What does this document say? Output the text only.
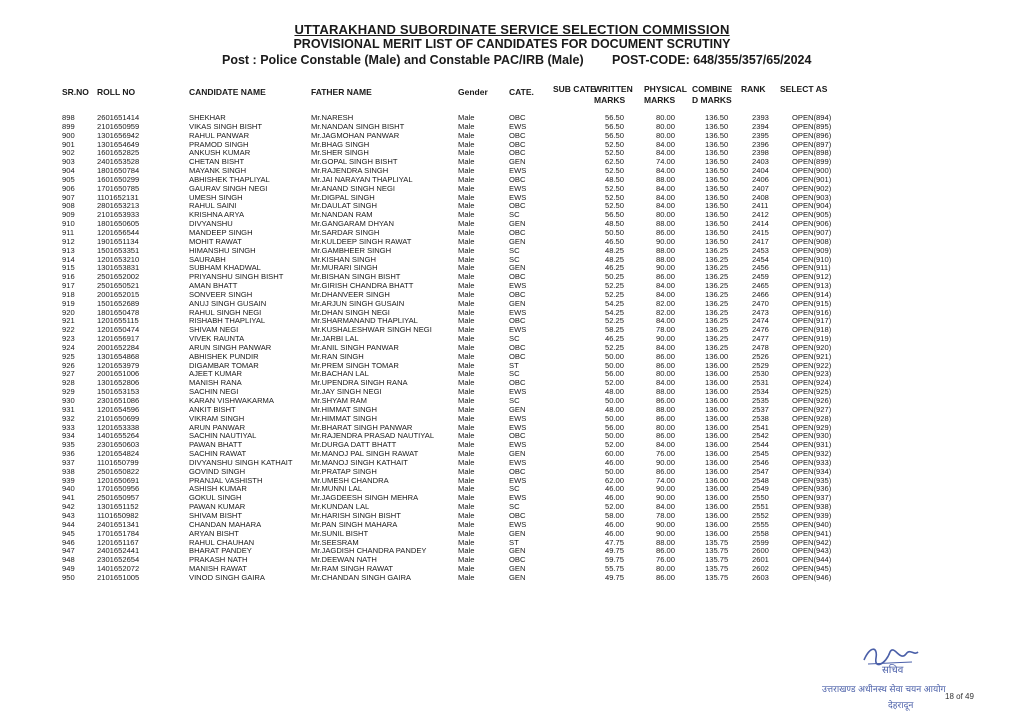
UTTARAKHAND SUBORDINATE SERVICE SELECTION COMMISSION
PROVISIONAL MERIT LIST OF CANDIDATES FOR DOCUMENT SCRUTINY
Post : Police Constable (Male) and Constable PAC/IRB (Male) POST-CODE: 648/355/357/65/2024
SR.NO ROLL NO	CANDIDATE NAME	FATHER NAME	Gender CATE. SUB CATE
WRITTEN
MARKS
PHYSICAL
MARKS
COMBINE
D MARKS
RANK SELECT AS
898	2601651414	SHEKHAR	Mr.NARESH	Male	OBC		56.50	80.00	136.50	2393	OPEN(894)
899	2101650959	VIKAS SINGH BISHT	Mr.NANDAN SINGH BISHT	Male	EWS		56.50	80.00	136.50	2394	OPEN(895)
900	1301656942	RAHUL PANWAR	Mr.JAGMOHAN PANWAR	Male	OBC		56.50	80.00	136.50	2395	OPEN(896)
901	1301654649	PRAMOD SINGH	Mr.BHAG SINGH	Male	OBC		52.50	84.00	136.50	2396	OPEN(897)
902	1601652825	ANKUSH KUMAR	Mr.SHER SINGH	Male	OBC		52.50	84.00	136.50	2398	OPEN(898)
903	2401653528	CHETAN BISHT	Mr.GOPAL SINGH BISHT	Male	GEN		62.50	74.00	136.50	2403	OPEN(899)
904	1801650784	MAYANK SINGH	Mr.RAJENDRA SINGH	Male	EWS		52.50	84.00	136.50	2404	OPEN(900)
905	1601650299	ABHISHEK THAPLIYAL	Mr.JAI NARAYAN THAPLIYAL	Male	OBC		48.50	88.00	136.50	2406	OPEN(901)
906	1701650785	GAURAV SINGH NEGI	Mr.ANAND SINGH NEGI	Male	EWS		52.50	84.00	136.50	2407	OPEN(902)
907	1101652131	UMESH SINGH	Mr.DIGPAL SINGH	Male	EWS		52.50	84.00	136.50	2408	OPEN(903)
908	2801653213	RAHUL SAINI	Mr.DAULAT SINGH	Male	OBC		52.50	84.00	136.50	2411	OPEN(904)
909	2101653933	KRISHNA ARYA	Mr.NANDAN RAM	Male	SC		56.50	80.00	136.50	2412	OPEN(905)
910	1801650605	DIVYANSHU	Mr.GANGARAM DHYAN	Male	GEN		48.50	88.00	136.50	2414	OPEN(906)
911	1201656544	MANDEEP SINGH	Mr.SARDAR SINGH	Male	OBC		50.50	86.00	136.50	2415	OPEN(907)
912	1901651134	MOHIT RAWAT	Mr.KULDEEP SINGH RAWAT	Male	GEN		46.50	90.00	136.50	2417	OPEN(908)
913	1501653351	HIMANSHU SINGH	Mr.GAMBHEER SINGH	Male	SC		48.25	88.00	136.25	2453	OPEN(909)
914	1201653210	SAURABH	Mr.KISHAN SINGH	Male	SC		48.25	88.00	136.25	2454	OPEN(910)
915	1301653831	SUBHAM KHADWAL	Mr.MURARI SINGH	Male	GEN		46.25	90.00	136.25	2456	OPEN(911)
916	2501652002	PRIYANSHU SINGH BISHT	Mr.BISHAN SINGH BISHT	Male	OBC		50.25	86.00	136.25	2459	OPEN(912)
917	2501650521	AMAN BHATT	Mr.GIRISH CHANDRA BHATT	Male	EWS		52.25	84.00	136.25	2465	OPEN(913)
918	2001652015	SONVEER SINGH	Mr.DHANVEER SINGH	Male	OBC		52.25	84.00	136.25	2466	OPEN(914)
919	1501652689	ANUJ SINGH GUSAIN	Mr.ARJUN SINGH GUSAIN	Male	GEN		54.25	82.00	136.25	2470	OPEN(915)
920	1801650478	RAHUL SINGH NEGI	Mr.DHAN SINGH NEGI	Male	EWS		54.25	82.00	136.25	2473	OPEN(916)
921	1201655115	RISHABH THAPLIYAL	Mr.SHARMANAND THAPLIYAL	Male	OBC		52.25	84.00	136.25	2474	OPEN(917)
922	1201650474	SHIVAM NEGI	Mr.KUSHALESHWAR SINGH NEGI	Male	EWS		58.25	78.00	136.25	2476	OPEN(918)
923	1201656917	VIVEK RAUNTA	Mr.JARBI LAL	Male	SC		46.25	90.00	136.25	2477	OPEN(919)
924	2001652284	ARUN SINGH PANWAR	Mr.ANIL SINGH PANWAR	Male	OBC		52.25	84.00	136.25	2478	OPEN(920)
925	1301654868	ABHISHEK PUNDIR	Mr.RAN SINGH	Male	OBC		50.00	86.00	136.00	2526	OPEN(921)
926	1201653979	DIGAMBAR TOMAR	Mr.PREM SINGH TOMAR	Male	ST		50.00	86.00	136.00	2529	OPEN(922)
927	2001651006	AJEET KUMAR	Mr.BACHAN LAL	Male	SC		56.00	80.00	136.00	2530	OPEN(923)
928	1301652806	MANISH RANA	Mr.UPENDRA SINGH RANA	Male	OBC		52.00	84.00	136.00	2531	OPEN(924)
929	1501653153	SACHIN NEGI	Mr.JAY SINGH NEGI	Male	EWS		48.00	88.00	136.00	2534	OPEN(925)
930	2301651086	KARAN VISHWAKARMA	Mr.SHYAM RAM	Male	SC		50.00	86.00	136.00	2535	OPEN(926)
931	1201654596	ANKIT BISHT	Mr.HIMMAT SINGH	Male	GEN		48.00	88.00	136.00	2537	OPEN(927)
932	2101650699	VIKRAM SINGH	Mr.HIMMAT SINGH	Male	EWS		50.00	86.00	136.00	2538	OPEN(928)
933	1201653338	ARUN PANWAR	Mr.BHARAT SINGH PANWAR	Male	EWS		56.00	80.00	136.00	2541	OPEN(929)
934	1401655264	SACHIN NAUTIYAL	Mr.RAJENDRA PRASAD NAUTIYAL	Male	OBC		50.00	86.00	136.00	2542	OPEN(930)
935	2301650603	PAWAN BHATT	Mr.DURGA DATT BHATT	Male	EWS		52.00	84.00	136.00	2544	OPEN(931)
936	1201654824	SACHIN RAWAT	Mr.MANOJ PAL SINGH RAWAT	Male	GEN		60.00	76.00	136.00	2545	OPEN(932)
937	1101650799	DIVYANSHU SINGH KATHAIT	Mr.MANOJ SINGH KATHAIT	Male	EWS		46.00	90.00	136.00	2546	OPEN(933)
938	2501650822	GOVIND SINGH	Mr.PRATAP SINGH	Male	OBC		50.00	86.00	136.00	2547	OPEN(934)
939	1201650691	PRANJAL VASHISTH	Mr.UMESH CHANDRA	Male	EWS		62.00	74.00	136.00	2548	OPEN(935)
940	1701650956	ASHISH KUMAR	Mr.MUNNI LAL	Male	SC		46.00	90.00	136.00	2549	OPEN(936)
941	2501650957	GOKUL SINGH	Mr.JAGDEESH SINGH MEHRA	Male	EWS		46.00	90.00	136.00	2550	OPEN(937)
942	1301651152	PAWAN KUMAR	Mr.KUNDAN LAL	Male	SC		52.00	84.00	136.00	2551	OPEN(938)
943	1101650982	SHIVAM BISHT	Mr.HARISH SINGH BISHT	Male	OBC		58.00	78.00	136.00	2552	OPEN(939)
944	2401651341	CHANDAN MAHARA	Mr.PAN SINGH MAHARA	Male	EWS		46.00	90.00	136.00	2555	OPEN(940)
945	1701651784	ARYAN BISHT	Mr.SUNIL BISHT	Male	GEN		46.00	90.00	136.00	2558	OPEN(941)
946	1201651167	RAHUL CHAUHAN	Mr.SEESRAM	Male	ST		47.75	88.00	135.75	2599	OPEN(942)
947	2401652441	BHARAT PANDEY	Mr.JAGDISH CHANDRA PANDEY	Male	GEN		49.75	86.00	135.75	2600	OPEN(943)
948	2301652654	PRAKASH NATH	Mr.DEEWAN NATH	Male	OBC		59.75	76.00	135.75	2601	OPEN(944)
949	1401652072	MANISH RAWAT	Mr.RAM SINGH RAWAT	Male	GEN		55.75	80.00	135.75	2602	OPEN(945)
950	2101651005	VINOD SINGH GAIRA	Mr.CHANDAN SINGH GAIRA	Male	GEN		49.75	86.00	135.75	2603	OPEN(946)
सचिव
उत्तराखण्ड अधीनस्थ सेवा चयन आयोग
देहरादून
18 of 49
